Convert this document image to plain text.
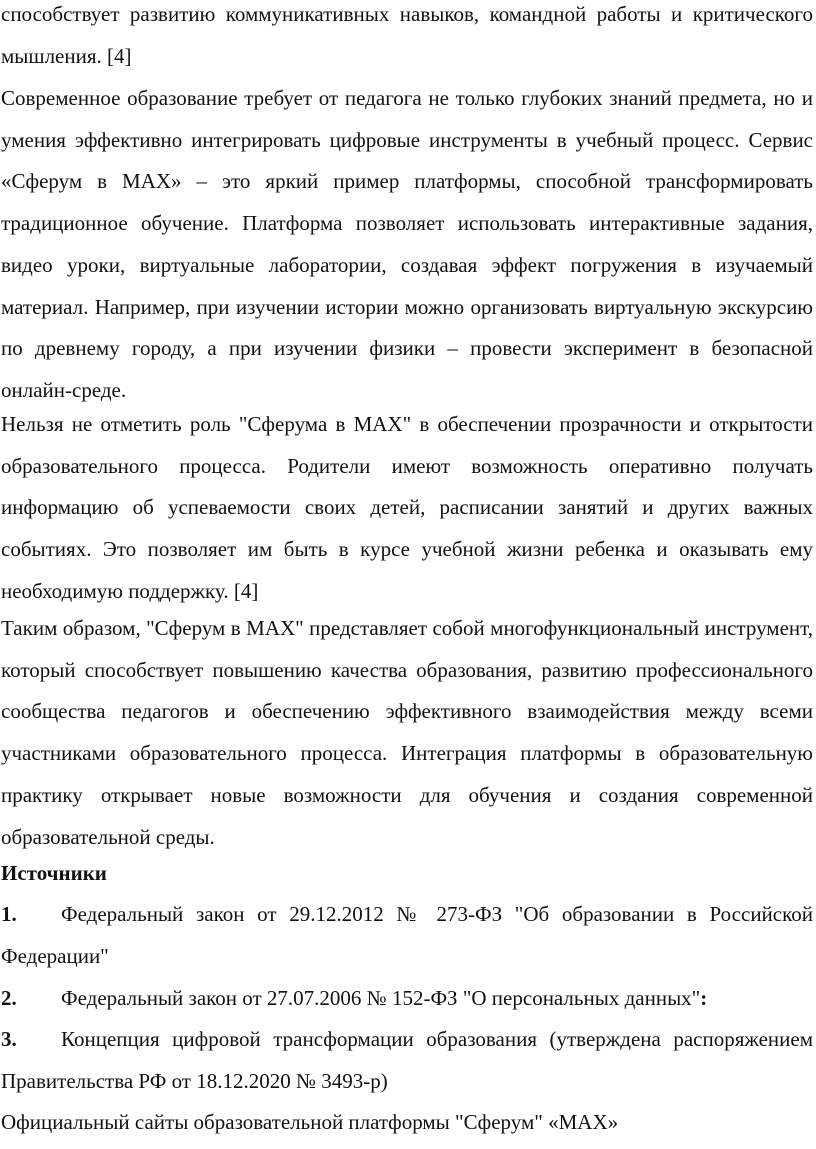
способствует развитию коммуникативных навыков, командной работы и критического мышления. [4]

Современное образование требует от педагога не только глубоких знаний предмета, но и умения эффективно интегрировать цифровые инструменты в учебный процесс. Сервис «Сферум в MAX» – это яркий пример платформы, способной трансформировать традиционное обучение. Платформа позволяет использовать интерактивные задания, видео уроки, виртуальные лаборатории, создавая эффект погружения в изучаемый материал. Например, при изучении истории можно организовать виртуальную экскурсию по древнему городу, а при изучении физики – провести эксперимент в безопасной онлайн-среде.

Нельзя не отметить роль "Сферума в MAX" в обеспечении прозрачности и открытости образовательного процесса. Родители имеют возможность оперативно получать информацию об успеваемости своих детей, расписании занятий и других важных событиях. Это позволяет им быть в курсе учебной жизни ребенка и оказывать ему необходимую поддержку. [4]

Таким образом, "Сферум в MAX" представляет собой многофункциональный инструмент, который способствует повышению качества образования, развитию профессионального сообщества педагогов и обеспечению эффективного взаимодействия между всеми участниками образовательного процесса. Интеграция платформы в образовательную практику открывает новые возможности для обучения и создания современной образовательной среды.

Источники

1. Федеральный закон от 29.12.2012 № 273-ФЗ "Об образовании в Российской Федерации"

2. Федеральный закон от 27.07.2006 № 152-ФЗ "О персональных данных":

3. Концепция цифровой трансформации образования (утверждена распоряжением Правительства РФ от 18.12.2020 № 3493-р)

Официальный сайты образовательной платформы "Сферум" «MAX»
